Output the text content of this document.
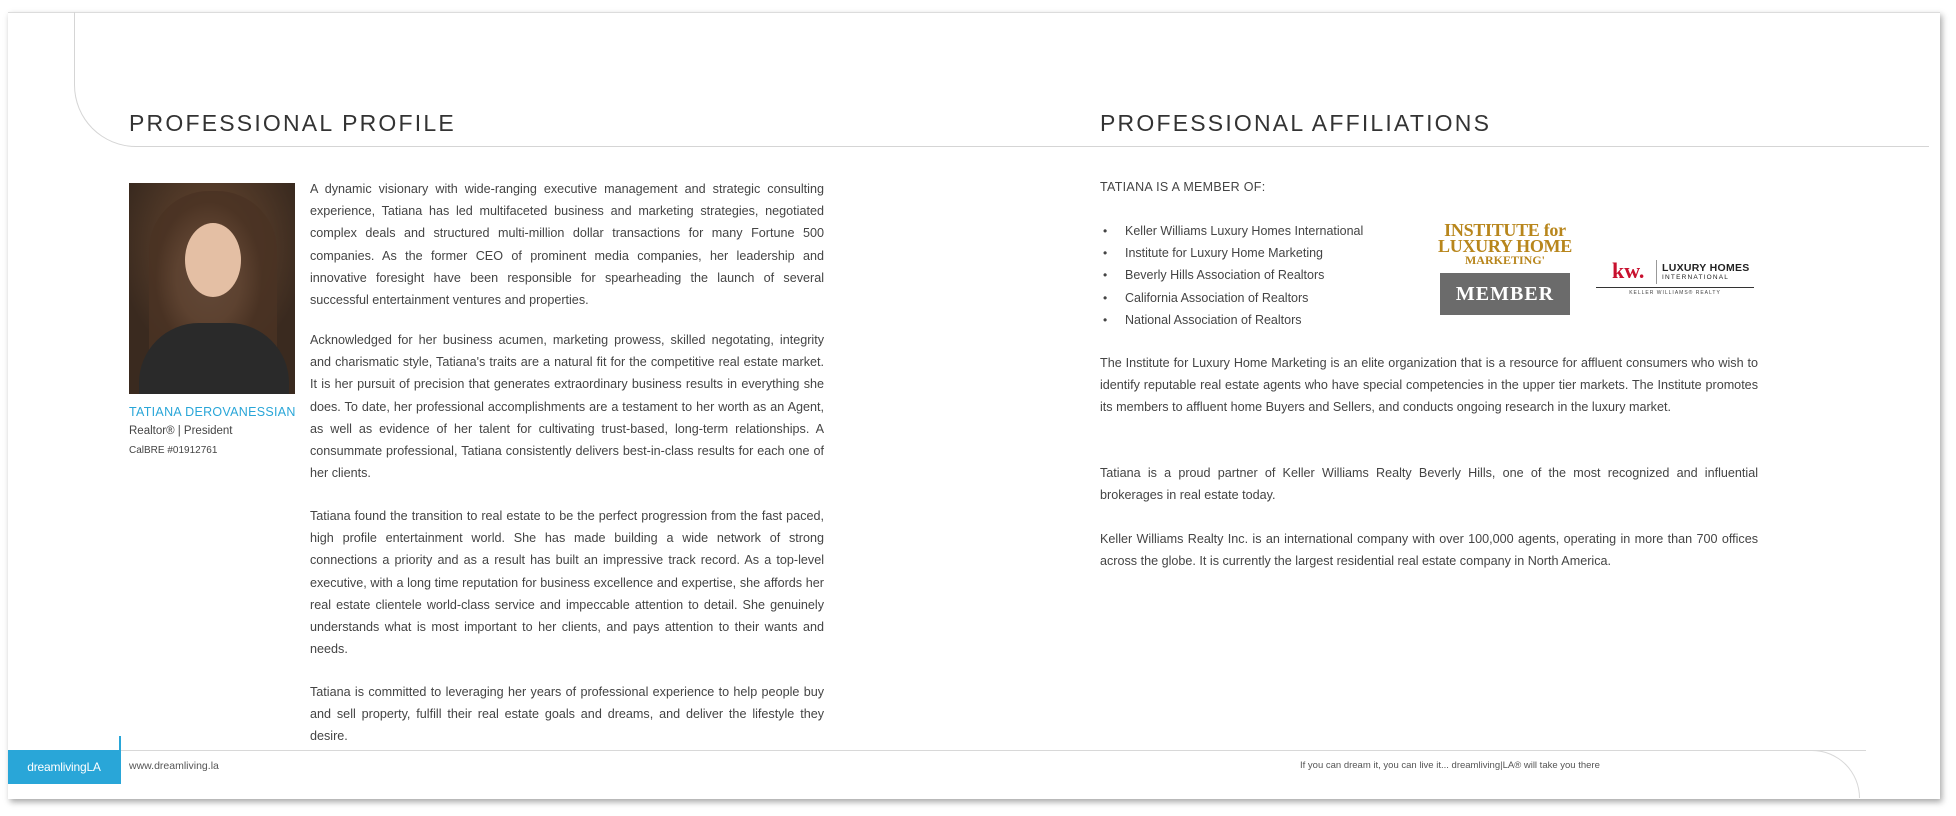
PROFESSIONAL PROFILE
TATIANA DEROVANESSIAN
Realtor® | President
CalBRE #01912761

A dynamic visionary with wide-ranging executive management and strategic consulting experience, Tatiana has led multifaceted business and marketing strategies, negotiated complex deals and structured multi-million dollar transactions for many Fortune 500 companies. As the former CEO of prominent media companies, her leadership and innovative foresight have been responsible for spearheading the launch of several successful entertainment ventures and properties.

Acknowledged for her business acumen, marketing prowess, skilled negotating, integrity and charismatic style, Tatiana's traits are a natural fit for the competitive real estate market. It is her pursuit of precision that generates extraordinary business results in everything she does. To date, her professional accomplishments are a testament to her worth as an Agent, as well as evidence of her talent for cultivating trust-based, long-term relationships. A consummate professional, Tatiana consistently delivers best-in-class results for each one of her clients.

Tatiana found the transition to real estate to be the perfect progression from the fast paced, high profile entertainment world. She has made building a wide network of strong connections a priority and as a result has built an impressive track record. As a top-level executive, with a long time reputation for business excellence and expertise, she affords her real estate clientele world-class service and impeccable attention to detail. She genuinely understands what is most important to her clients, and pays attention to their wants and needs.

Tatiana is committed to leveraging her years of professional experience to help people buy and sell property, fulfill their real estate goals and dreams, and deliver the lifestyle they desire.

PROFESSIONAL AFFILIATIONS
TATIANA IS A MEMBER OF:
• Keller Williams Luxury Homes International
• Institute for Luxury Home Marketing
• Beverly Hills Association of Realtors
• California Association of Realtors
• National Association of Realtors
INSTITUTE for
LUXURY HOME
MARKETING'
MEMBER
kw. LUXURY HOMES
INTERNATIONAL
KELLER WILLIAMS® REALTY

The Institute for Luxury Home Marketing is an elite organization that is a resource for affluent consumers who wish to identify reputable real estate agents who have special competencies in the upper tier markets. The Institute promotes its members to affluent home Buyers and Sellers, and conducts ongoing research in the luxury market.

Tatiana is a proud partner of Keller Williams Realty Beverly Hills, one of the most recognized and influential brokerages in real estate today.

Keller Williams Realty Inc. is an international company with over 100,000 agents, operating in more than 700 offices across the globe. It is currently the largest residential real estate company in North America.

dreamlivingLA	www.dreamliving.la	If you can dream it, you can live it... dreamliving|LA® will take you there
